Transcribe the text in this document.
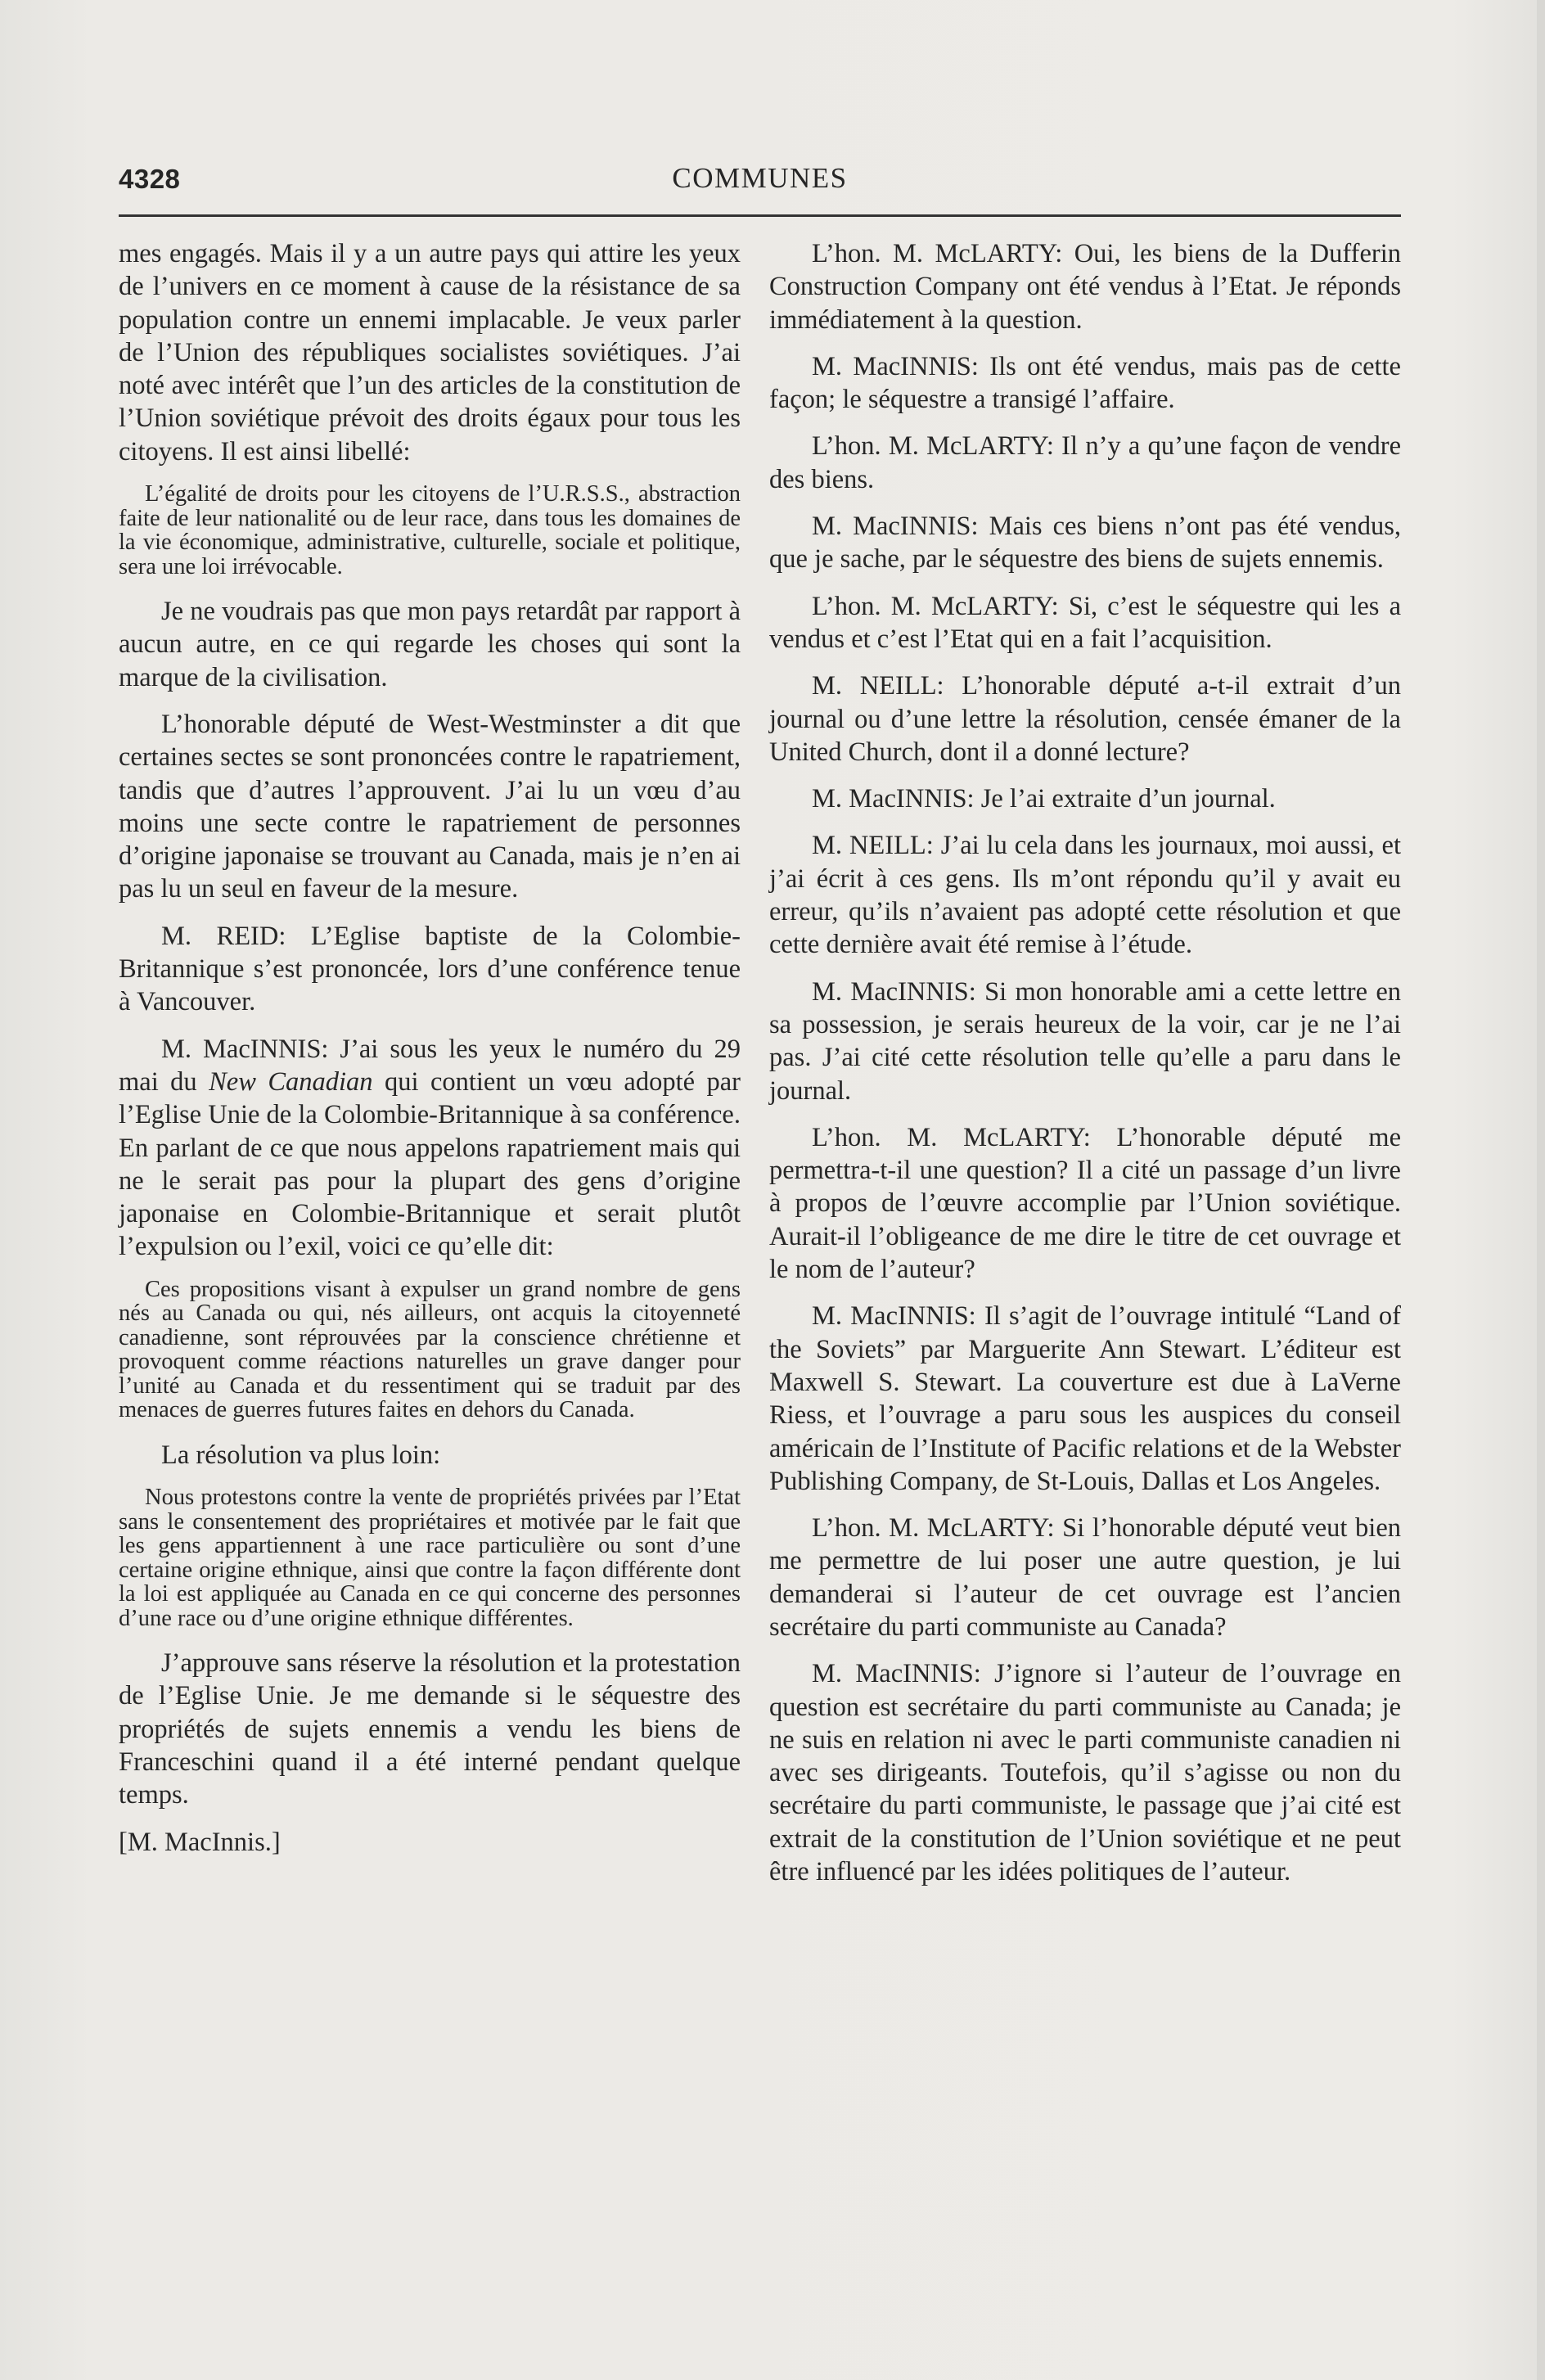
4328	COMMUNES

mes engagés. Mais il y a un autre pays qui attire les yeux de l’univers en ce moment à cause de la résistance de sa population contre un ennemi implacable. Je veux parler de l’Union des républiques socialistes soviétiques. J’ai noté avec intérêt que l’un des articles de la constitution de l’Union soviétique prévoit des droits égaux pour tous les citoyens. Il est ainsi libellé:

L’égalité de droits pour les citoyens de l’U.R.S.S., abstraction faite de leur nationalité ou de leur race, dans tous les domaines de la vie économique, administrative, culturelle, sociale et politique, sera une loi irrévocable.

Je ne voudrais pas que mon pays retardât par rapport à aucun autre, en ce qui regarde les choses qui sont la marque de la civilisation.

L’honorable député de West-Westminster a dit que certaines sectes se sont prononcées contre le rapatriement, tandis que d’autres l’approuvent. J’ai lu un vœu d’au moins une secte contre le rapatriement de personnes d’origine japonaise se trouvant au Canada, mais je n’en ai pas lu un seul en faveur de la mesure.

M. REID: L’Eglise baptiste de la Colombie-Britannique s’est prononcée, lors d’une conférence tenue à Vancouver.

M. MacINNIS: J’ai sous les yeux le numéro du 29 mai du New Canadian qui contient un vœu adopté par l’Eglise Unie de la Colombie-Britannique à sa conférence. En parlant de ce que nous appelons rapatriement mais qui ne le serait pas pour la plupart des gens d’origine japonaise en Colombie-Britannique et serait plutôt l’expulsion ou l’exil, voici ce qu’elle dit:

Ces propositions visant à expulser un grand nombre de gens nés au Canada ou qui, nés ailleurs, ont acquis la citoyenneté canadienne, sont réprouvées par la conscience chrétienne et provoquent comme réactions naturelles un grave danger pour l’unité au Canada et du ressentiment qui se traduit par des menaces de guerres futures faites en dehors du Canada.

La résolution va plus loin:

Nous protestons contre la vente de propriétés privées par l’Etat sans le consentement des propriétaires et motivée par le fait que les gens appartiennent à une race particulière ou sont d’une certaine origine ethnique, ainsi que contre la façon différente dont la loi est appliquée au Canada en ce qui concerne des personnes d’une race ou d’une origine ethnique différentes.

J’approuve sans réserve la résolution et la protestation de l’Eglise Unie. Je me demande si le séquestre des propriétés de sujets ennemis a vendu les biens de Franceschini quand il a été interné pendant quelque temps.

[M. MacInnis.]

L’hon. M. McLARTY: Oui, les biens de la Dufferin Construction Company ont été vendus à l’Etat. Je réponds immédiatement à la question.

M. MacINNIS: Ils ont été vendus, mais pas de cette façon; le séquestre a transigé l’affaire.

L’hon. M. McLARTY: Il n’y a qu’une façon de vendre des biens.

M. MacINNIS: Mais ces biens n’ont pas été vendus, que je sache, par le séquestre des biens de sujets ennemis.

L’hon. M. McLARTY: Si, c’est le séquestre qui les a vendus et c’est l’Etat qui en a fait l’acquisition.

M. NEILL: L’honorable député a-t-il extrait d’un journal ou d’une lettre la résolution, censée émaner de la United Church, dont il a donné lecture?

M. MacINNIS: Je l’ai extraite d’un journal.

M. NEILL: J’ai lu cela dans les journaux, moi aussi, et j’ai écrit à ces gens. Ils m’ont répondu qu’il y avait eu erreur, qu’ils n’avaient pas adopté cette résolution et que cette dernière avait été remise à l’étude.

M. MacINNIS: Si mon honorable ami a cette lettre en sa possession, je serais heureux de la voir, car je ne l’ai pas. J’ai cité cette résolution telle qu’elle a paru dans le journal.

L’hon. M. McLARTY: L’honorable député me permettra-t-il une question? Il a cité un passage d’un livre à propos de l’œuvre accomplie par l’Union soviétique. Aurait-il l’obligeance de me dire le titre de cet ouvrage et le nom de l’auteur?

M. MacINNIS: Il s’agit de l’ouvrage intitulé “Land of the Soviets” par Marguerite Ann Stewart. L’éditeur est Maxwell S. Stewart. La couverture est due à LaVerne Riess, et l’ouvrage a paru sous les auspices du conseil américain de l’Institute of Pacific relations et de la Webster Publishing Company, de St-Louis, Dallas et Los Angeles.

L’hon. M. McLARTY: Si l’honorable député veut bien me permettre de lui poser une autre question, je lui demanderai si l’auteur de cet ouvrage est l’ancien secrétaire du parti communiste au Canada?

M. MacINNIS: J’ignore si l’auteur de l’ouvrage en question est secrétaire du parti communiste au Canada; je ne suis en relation ni avec le parti communiste canadien ni avec ses dirigeants. Toutefois, qu’il s’agisse ou non du secrétaire du parti communiste, le passage que j’ai cité est extrait de la constitution de l’Union soviétique et ne peut être influencé par les idées politiques de l’auteur.
